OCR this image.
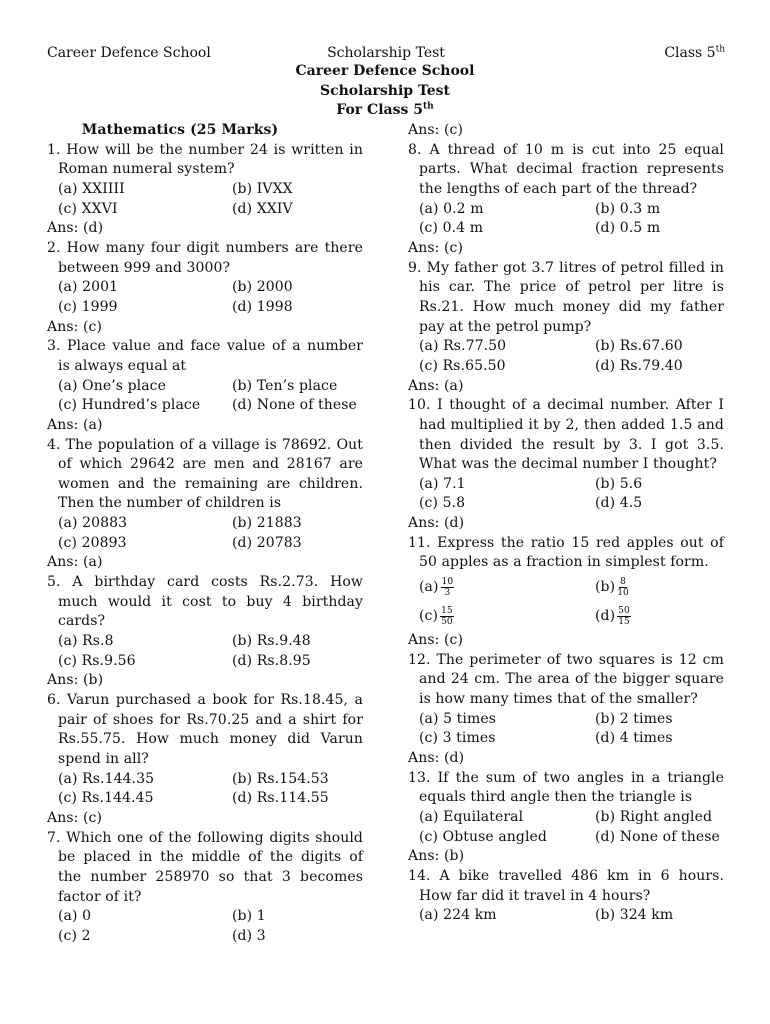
Career Defence School	Scholarship Test	Class 5th
Career Defence School
Scholarship Test
For Class 5th
Mathematics (25 Marks)
1. How will be the number 24 is written in Roman numeral system?
(a) XXIIII	(b) IVXX
(c) XXVI	(d) XXIV
Ans: (d)
2. How many four digit numbers are there between 999 and 3000?
(a) 2001	(b) 2000
(c) 1999	(d) 1998
Ans: (c)
3. Place value and face value of a number is always equal at
(a) One’s place	(b) Ten’s place
(c) Hundred’s place	(d) None of these
Ans: (a)
4. The population of a village is 78692. Out of which 29642 are men and 28167 are women and the remaining are children. Then the number of children is
(a) 20883	(b) 21883
(c) 20893	(d) 20783
Ans: (a)
5. A birthday card costs Rs.2.73. How much would it cost to buy 4 birthday cards?
(a) Rs.8	(b) Rs.9.48
(c) Rs.9.56	(d) Rs.8.95
Ans: (b)
6. Varun purchased a book for Rs.18.45, a pair of shoes for Rs.70.25 and a shirt for Rs.55.75. How much money did Varun spend in all?
(a) Rs.144.35	(b) Rs.154.53
(c) Rs.144.45	(d) Rs.114.55
Ans: (c)
7. Which one of the following digits should be placed in the middle of the digits of the number 258970 so that 3 becomes factor of it?
(a) 0	(b) 1
(c) 2	(d) 3
Ans: (c)
8. A thread of 10 m is cut into 25 equal parts. What decimal fraction represents the lengths of each part of the thread?
(a) 0.2 m	(b) 0.3 m
(c) 0.4 m	(d) 0.5 m
Ans: (c)
9. My father got 3.7 litres of petrol filled in his car. The price of petrol per litre is Rs.21. How much money did my father pay at the petrol pump?
(a) Rs.77.50	(b) Rs.67.60
(c) Rs.65.50	(d) Rs.79.40
Ans: (a)
10. I thought of a decimal number. After I had multiplied it by 2, then added 1.5 and then divided the result by 3. I got 3.5. What was the decimal number I thought?
(a) 7.1	(b) 5.6
(c) 5.8	(d) 4.5
Ans: (d)
11. Express the ratio 15 red apples out of 50 apples as a fraction in simplest form.
$(a) \frac{10}{3}$	$(b) \frac{8}{10}$
$(c) \frac{15}{50}$	$(d) \frac{50}{15}$
Ans: (c)
12. The perimeter of two squares is 12 cm and 24 cm. The area of the bigger square is how many times that of the smaller?
(a) 5 times	(b) 2 times
(c) 3 times	(d) 4 times
Ans: (d)
13. If the sum of two angles in a triangle equals third angle then the triangle is
(a) Equilateral	(b) Right angled
(c) Obtuse angled	(d) None of these
Ans: (b)
14. A bike travelled 486 km in 6 hours. How far did it travel in 4 hours?
(a) 224 km	(b) 324 km
